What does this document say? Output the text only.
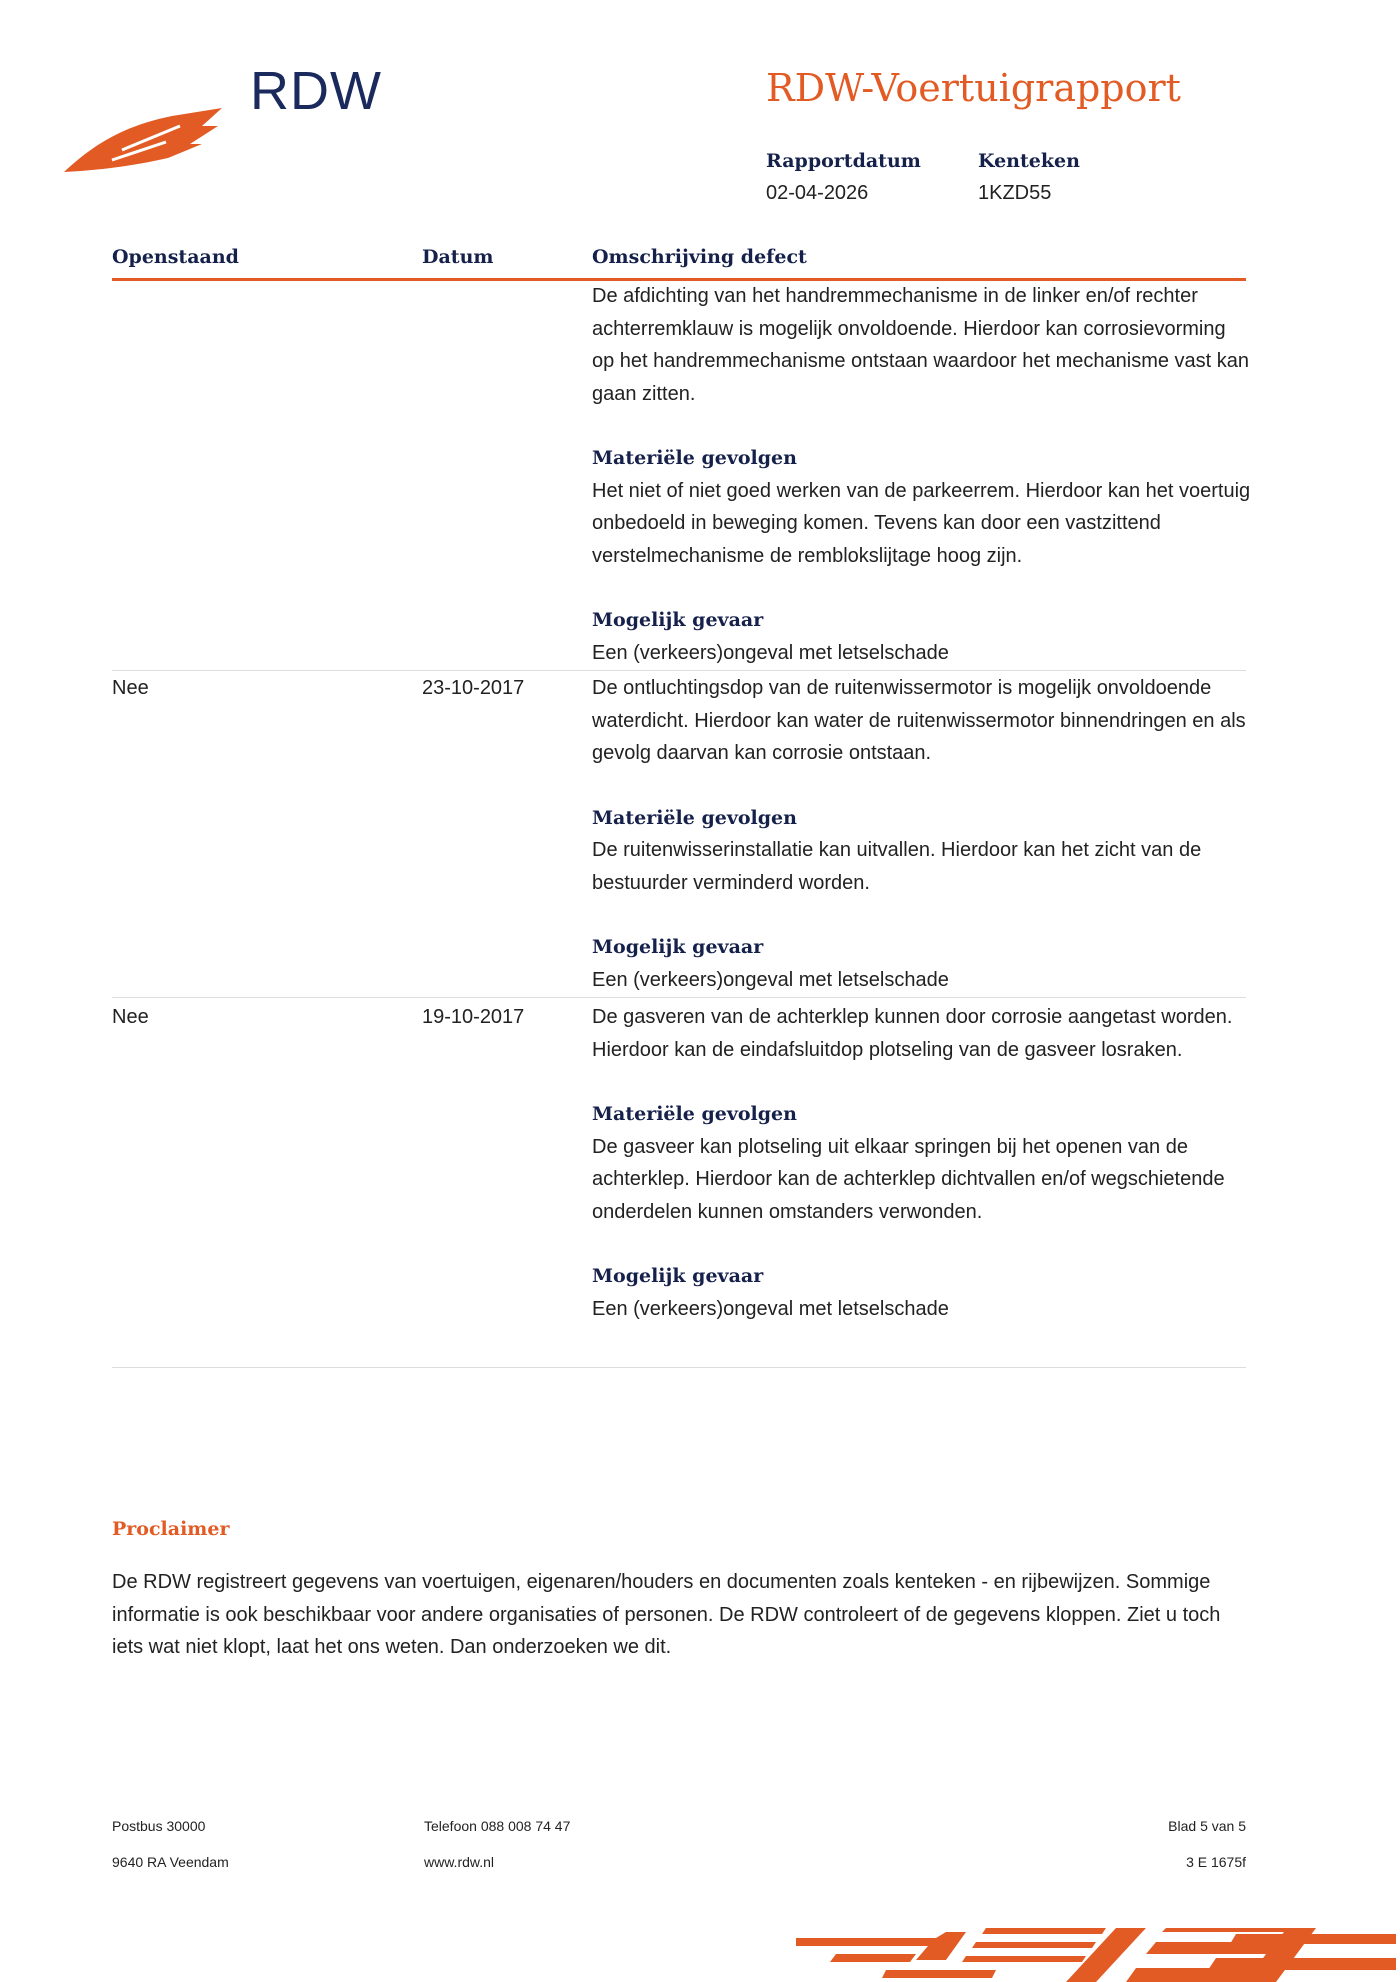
RDW	RDW-Voertuigrapport
Rapportdatum
02-04-2026
Kenteken
1KZD55
Openstaand	Datum	Omschrijving defect

De afdichting van het handremmechanisme in de linker en/of rechter achterremklauw is mogelijk onvoldoende. Hierdoor kan corrosievorming op het handremmechanisme ontstaan waardoor het mechanisme vast kan gaan zitten.

Materiële gevolgen

Het niet of niet goed werken van de parkeerrem. Hierdoor kan het voertuig onbedoeld in beweging komen. Tevens kan door een vastzittend verstelmechanisme de remblokslijtage hoog zijn.

Mogelijk gevaar

Een (verkeers)ongeval met letselschade

Nee	23-10-2017	De ontluchtingsdop van de ruitenwissermotor is mogelijk onvoldoende waterdicht. Hierdoor kan water de ruitenwissermotor binnendringen en als gevolg daarvan kan corrosie ontstaan.

Materiële gevolgen

De ruitenwisserinstallatie kan uitvallen. Hierdoor kan het zicht van de bestuurder verminderd worden.

Mogelijk gevaar

Een (verkeers)ongeval met letselschade

Nee	19-10-2017	De gasveren van de achterklep kunnen door corrosie aangetast worden. Hierdoor kan de eindafsluitdop plotseling van de gasveer losraken.

Materiële gevolgen

De gasveer kan plotseling uit elkaar springen bij het openen van de achterklep. Hierdoor kan de achterklep dichtvallen en/of wegschietende onderdelen kunnen omstanders verwonden.

Mogelijk gevaar

Een (verkeers)ongeval met letselschade

Proclaimer
De RDW registreert gegevens van voertuigen, eigenaren/houders en documenten zoals kenteken - en rijbewijzen. Sommige informatie is ook beschikbaar voor andere organisaties of personen. De RDW controleert of de gegevens kloppen. Ziet u toch iets wat niet klopt, laat het ons weten. Dan onderzoeken we dit.
Postbus 30000
9640 RA Veendam
Telefoon 088 008 74 47
www.rdw.nl
Blad 5 van 5
3 E 1675f
